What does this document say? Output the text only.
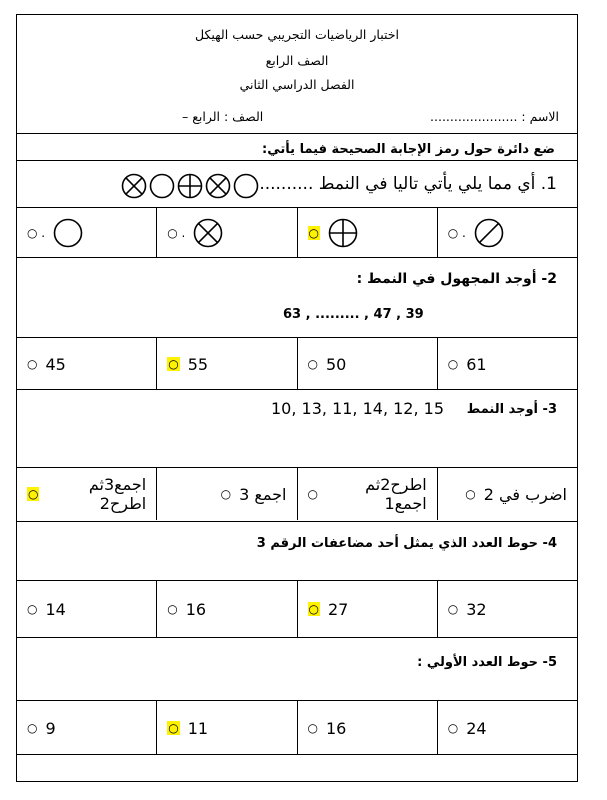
اختبار الرياضيات التجريبي حسب الهيكل
الصف الرابع
الفصل الدراسي الثاني
الاسم : ......................
الصف : الرابع –
ضع دائرة حول رمز الإجابة الصحيحة فيما يأتي:
1. أي مما يلي يأتي تاليا في النمط ..........
○ .
○
○ .
○ .
2- أوجد المجهول في النمط :
63 , ......... , 47 , 39
○ 61
○ 50
○ 55
○ 45
3- أوجد النمط
10, 13, 11, 14, 12, 15
○ اضرب في 2
○	اطرح2ثم اجمع1
○ اجمع 3
○	اجمع3ثم اطرح2
4- حوط العدد الذي يمثل أحد مضاعفات الرقم 3
○ 32
○ 27
○ 16
○ 14
5- حوط العدد الأولي :
○ 24
○ 16
○ 11
○ 9
